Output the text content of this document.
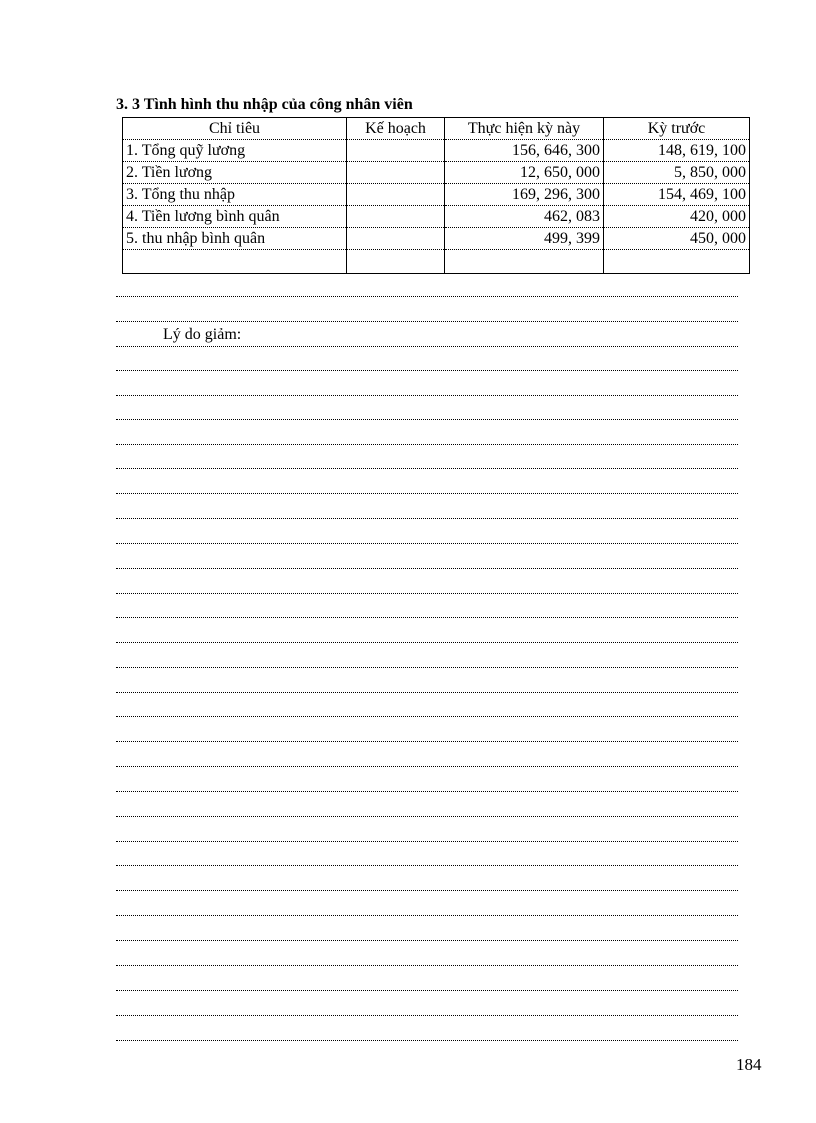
3. 3 Tình hình thu nhập của công nhân viên
Chỉ tiêu	Kế hoạch	Thực hiện kỳ này	Kỳ trước
1. Tổng quỹ lương		156, 646, 300	148, 619, 100
2. Tiền lương		12, 650, 000	5, 850, 000
3. Tổng thu nhập		169, 296, 300	154, 469, 100
4. Tiền lương bình quân		462, 083	420, 000
5. thu nhập bình quân		499, 399	450, 000

Lý do giảm:
184
